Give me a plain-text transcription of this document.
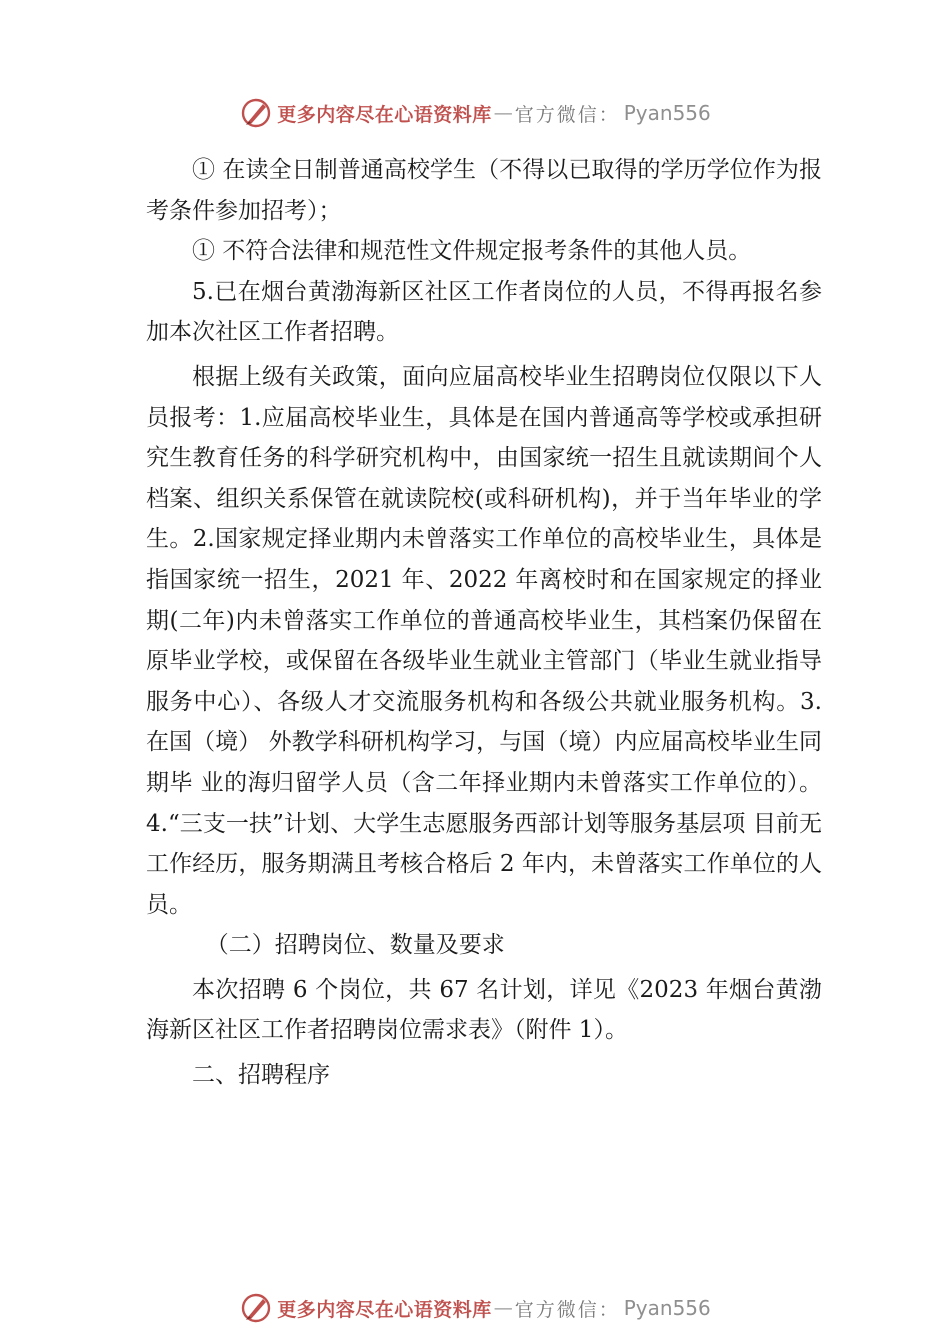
更多内容尽在心语资料库 — 官方微信： Pyan556

① 在读全日制普通高校学生（不得以已取得的学历学位作为报考条件参加招考）；

① 不符合法律和规范性文件规定报考条件的其他人员。

5.已在烟台黄渤海新区社区工作者岗位的人员，不得再报名参加本次社区工作者招聘。

根据上级有关政策，面向应届高校毕业生招聘岗位仅限以下人员报考：1.应届高校毕业生，具体是在国内普通高等学校或承担研究生教育任务的科学研究机构中，由国家统一招生且就读期间个人档案、组织关系保管在就读院校(或科研机构)，并于当年毕业的学生。2.国家规定择业期内未曾落实工作单位的高校毕业生，具体是指国家统一招生，2021 年、2022 年离校时和在国家规定的择业期(二年)内未曾落实工作单位的普通高校毕业生，其档案仍保留在原毕业学校，或保留在各级毕业生就业主管部门（毕业生就业指导服务中心）、各级人才交流服务机构和各级公共就业服务机构。3.在国（境） 外教学科研机构学习，与国（境）内应届高校毕业生同期毕 业的海归留学人员（含二年择业期内未曾落实工作单位的）。4.“三支一扶”计划、大学生志愿服务西部计划等服务基层项 目前无工作经历，服务期满且考核合格后 2 年内，未曾落实工作单位的人员。

（二）招聘岗位、数量及要求

本次招聘 6 个岗位，共 67 名计划，详见《2023 年烟台黄渤海新区社区工作者招聘岗位需求表》（附件 1）。

二、招聘程序

更多内容尽在心语资料库 — 官方微信： Pyan556
